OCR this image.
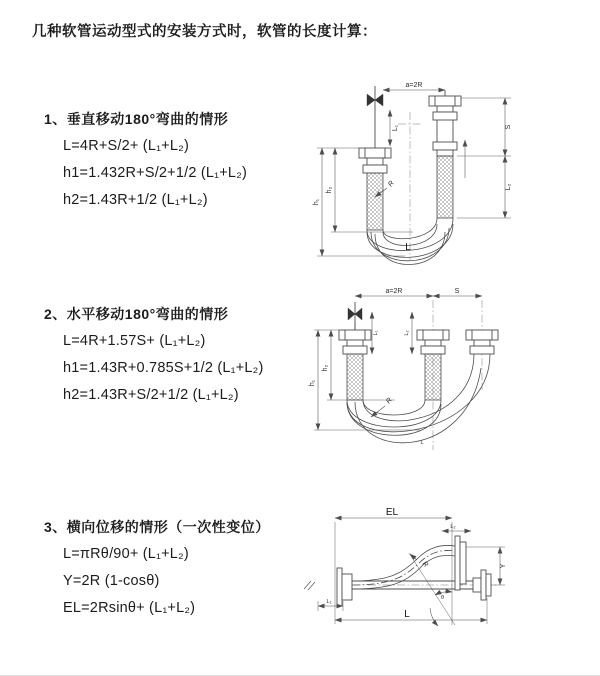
几种软管运动型式的安装方式时，软管的长度计算：
1、垂直移动180°弯曲的情形
L=4R+S/2+ (L₁+L₂)
h1=1.432R+S/2+1/2 (L₁+L₂)
h2=1.43R+1/2 (L₁+L₂)
2、水平移动180°弯曲的情形
L=4R+1.57S+ (L₁+L₂)
h1=1.43R+0.785S+1/2 (L₁+L₂)
h2=1.43R+S/2+1/2 (L₁+L₂)
3、横向位移的情形（一次性变位）
L=πRθ/90+ (L₁+L₂)
Y=2R (1-cosθ)
EL=2Rsinθ+ (L₁+L₂)
a=2R
L₁
h₁
h₂
S
L₂
R
L
a=2R	S
L₁	L₂
h₁
h₂
R
L
θ
EL
L₂
Y
L
L₁
R
